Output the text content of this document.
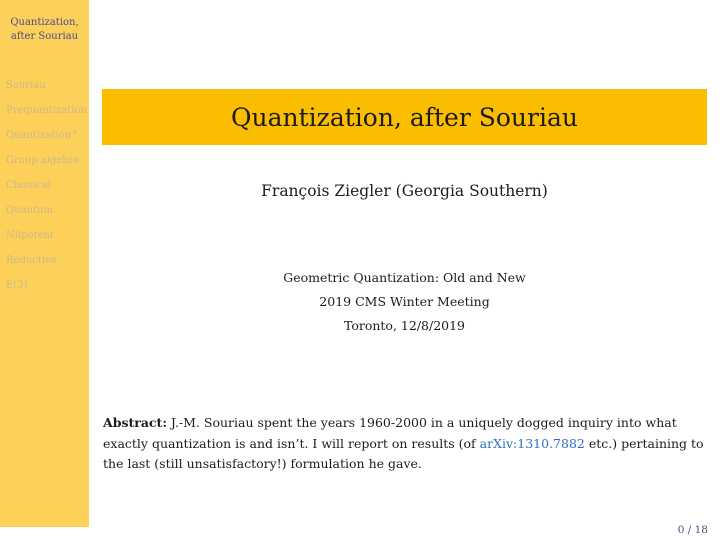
Quantization,
after Souriau
Souriau
Prequantization
Quantization?
Group algebra
Classical
Quantum
Nilpotent
Reductive
E(3)
Quantization, after Souriau
François Ziegler (Georgia Southern)
Geometric Quantization: Old and New
2019 CMS Winter Meeting
Toronto, 12/8/2019
Abstract: J.-M. Souriau spent the years 1960-2000 in a uniquely dogged inquiry into what exactly quantization is and isn’t. I will report on results (of arXiv:1310.7882 etc.) pertaining to the last (still unsatisfactory!) formulation he gave.
0 / 18
